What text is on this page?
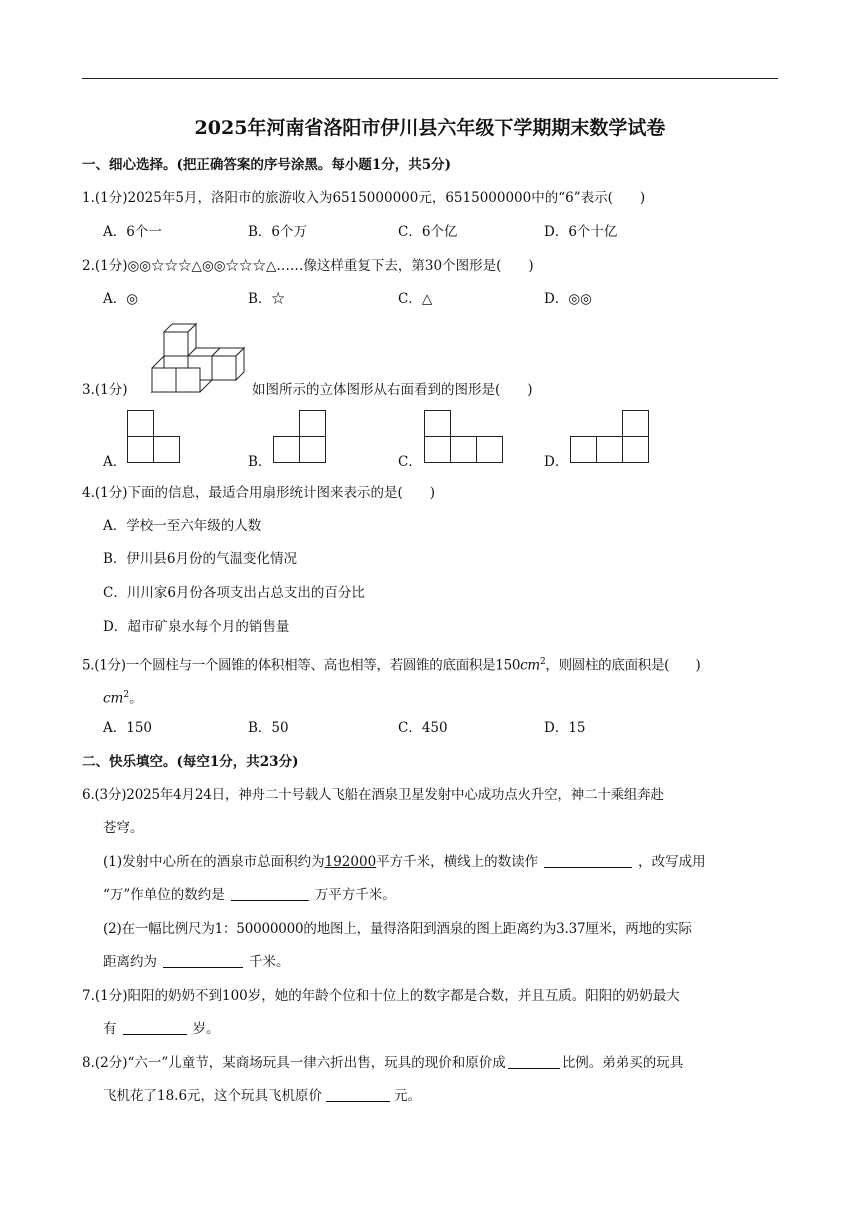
2025年河南省洛阳市伊川县六年级下学期期末数学试卷
一、细心选择。(把正确答案的序号涂黑。每小题1分，共5分)
1.(1分)2025年5月，洛阳市的旅游收入为6515000000元，6515000000中的“6”表示(　　)
A．6个一	B．6个万	C．6个亿	D．6个十亿
2.(1分)◎◎☆☆☆△◎◎☆☆☆△……像这样重复下去，第30个图形是(　　)
A．◎	B．☆	C．△	D．◎◎
3.(1分)	如图所示的立体图形从右面看到的图形是(　　)
A．	B．	C．	D．
4.(1分)下面的信息，最适合用扇形统计图来表示的是(　　)
A．学校一至六年级的人数
B．伊川县6月份的气温变化情况
C．川川家6月份各项支出占总支出的百分比
D．超市矿泉水每个月的销售量
5.(1分)一个圆柱与一个圆锥的体积相等、高也相等，若圆锥的底面积是$150cm^2$，则圆柱的底面积是(　　)
$cm^2$。
A．150	B．50	C．450	D．15
二、快乐填空。(每空1分，共23分)
6.(3分)2025年4月24日，神舟二十号载人飞船在酒泉卫星发射中心成功点火升空，神二十乘组奔赴
苍穹。
(1)发射中心所在的酒泉市总面积约为192000平方千米，横线上的数读作	，改写成用
“万”作单位的数约是	万平方千米。
(2)在一幅比例尺为1：50000000的地图上，量得洛阳到酒泉的图上距离约为3.37厘米，两地的实际
距离约为	千米。
7.(1分)阳阳的奶奶不到100岁，她的年龄个位和十位上的数字都是合数，并且互质。阳阳的奶奶最大
有	岁。
8.(2分)“六一”儿童节，某商场玩具一律六折出售，玩具的现价和原价成	比例。弟弟买的玩具
飞机花了18.6元，这个玩具飞机原价	元。
